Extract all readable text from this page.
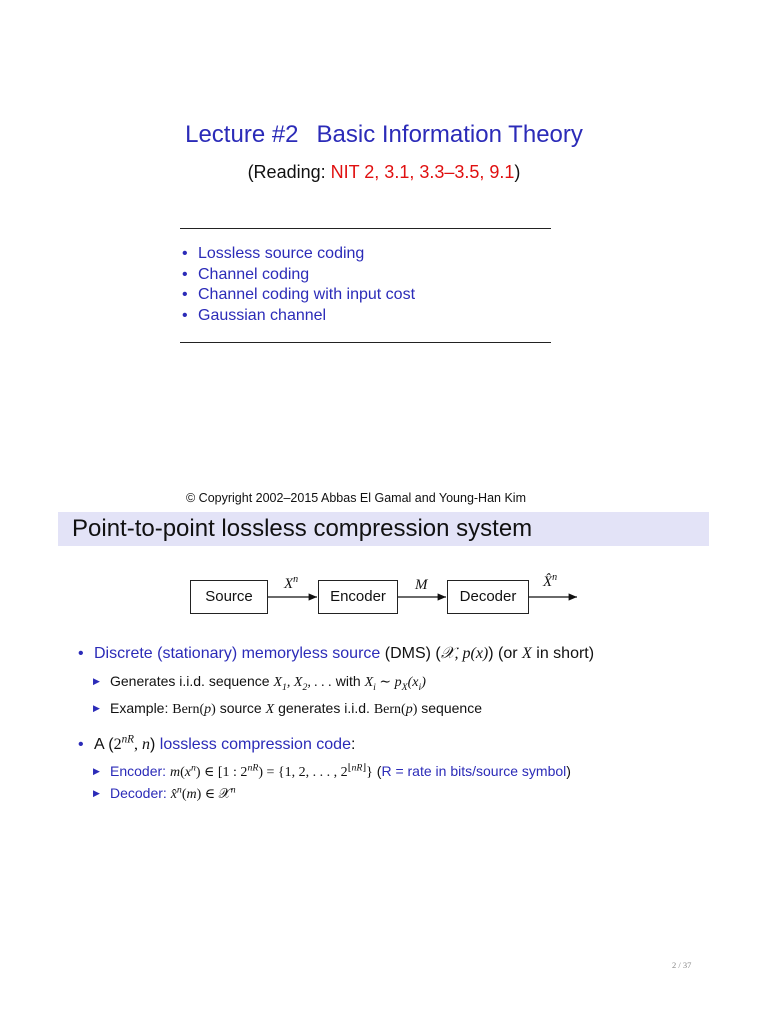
Lecture #2 Basic Information Theory
(Reading: NIT 2, 3.1, 3.3–3.5, 9.1)
• Lossless source coding
• Channel coding
• Channel coding with input cost
• Gaussian channel
© Copyright 2002–2015 Abbas El Gamal and Young-Han Kim
Point-to-point lossless compression system
Source	Encoder	Decoder
$X^n$	M	X̂$^n$
• Discrete (stationary) memoryless source (DMS) (𝒳, p(x)) (or X in short)
▶ Generates i.i.d. sequence $X_1$, $X_2$, . . . with $X_i$ ∼ $p_X(x_i)$
▶ Example: Bern(p) source X generates i.i.d. Bern(p) sequence
• A ($2^{nR}$, n) lossless compression code:
▶ Encoder: $m(x^n)$ ∈ [1 : $2^{nR}) = \{1$, 2, . . . , $2^{⌊nR⌋}$} (R = rate in bits/source symbol)
▶ Decoder: x̂$^n$(m) ∈ 𝒳$^n$
2 / 37
